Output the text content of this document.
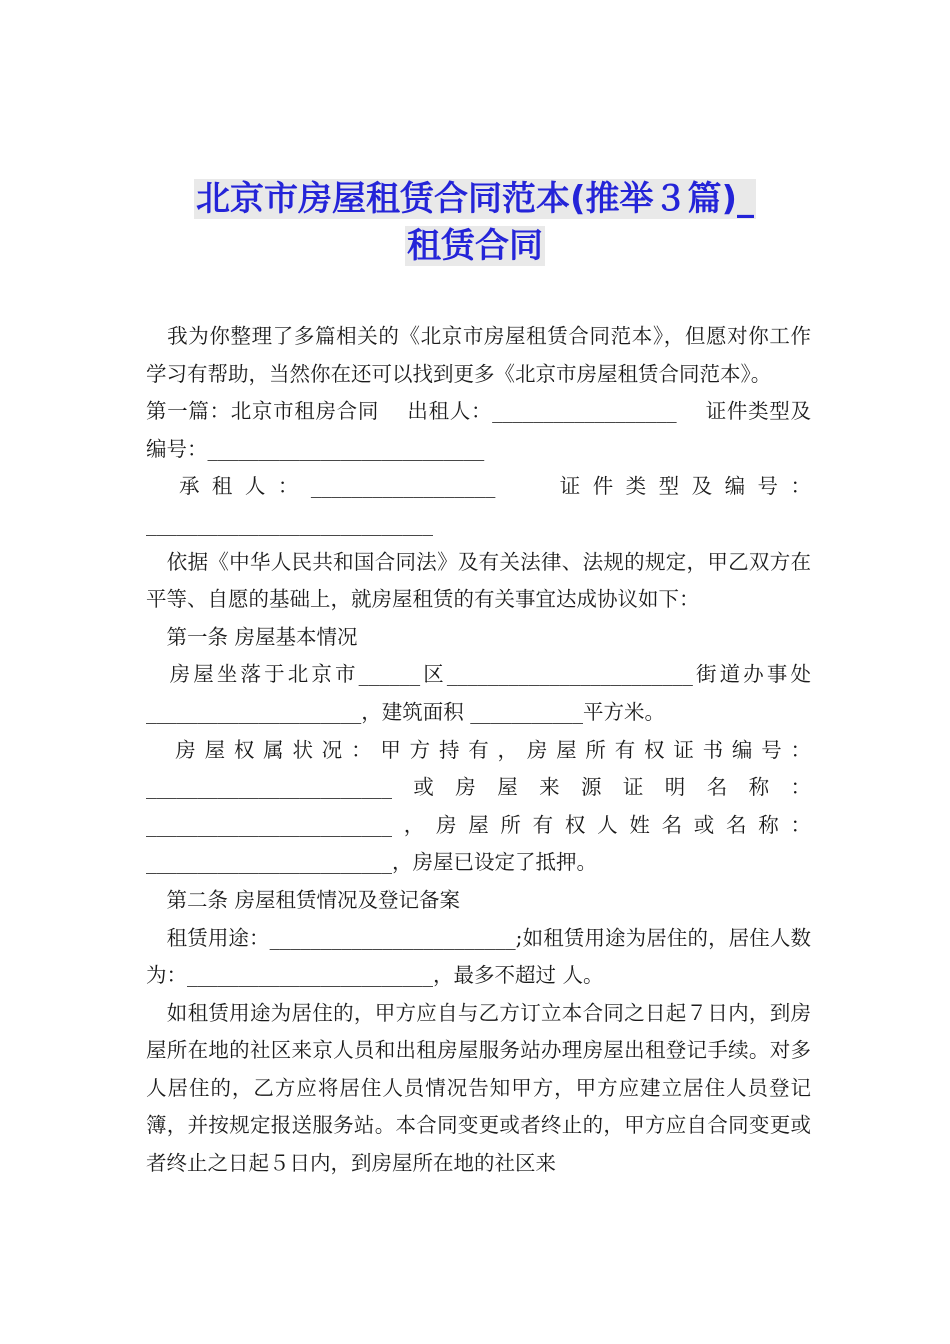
北京市房屋租赁合同范本(推举３篇)_
租赁合同

　我为你整理了多篇相关的《北京市房屋租赁合同范本》，但愿对你工作学习有帮助，当然你在还可以找到更多《北京市房屋租赁合同范本》。

第一篇：北京市租房合同　 出租人：__________________　 证件类型及编号：___________________________

　承租人：__________________　 证件类型及编号：____________________________

　依据《中华人民共和国合同法》及有关法律、法规的规定，甲乙双方在平等、自愿的基础上，就房屋租赁的有关事宜达成协议如下：

　第一条 房屋基本情况

　房屋坐落于北京市______区________________________街道办事处_____________________，建筑面积 ___________平方米。

　房屋权属状况：甲方持有，房屋所有权证书编号：________________________或房屋来源证明名称：________________________，房屋所有权人姓名或名称：________________________，房屋已设定了抵押。

　第二条 房屋租赁情况及登记备案

　租赁用途：________________________;如租赁用途为居住的，居住人数为：________________________，最多不超过 人。

　如租赁用途为居住的，甲方应自与乙方订立本合同之日起７日内，到房屋所在地的社区来京人员和出租房屋服务站办理房屋出租登记手续。对多人居住的，乙方应将居住人员情况告知甲方，甲方应建立居住人员登记簿，并按规定报送服务站。本合同变更或者终止的，甲方应自合同变更或者终止之日起５日内，到房屋所在地的社区来
